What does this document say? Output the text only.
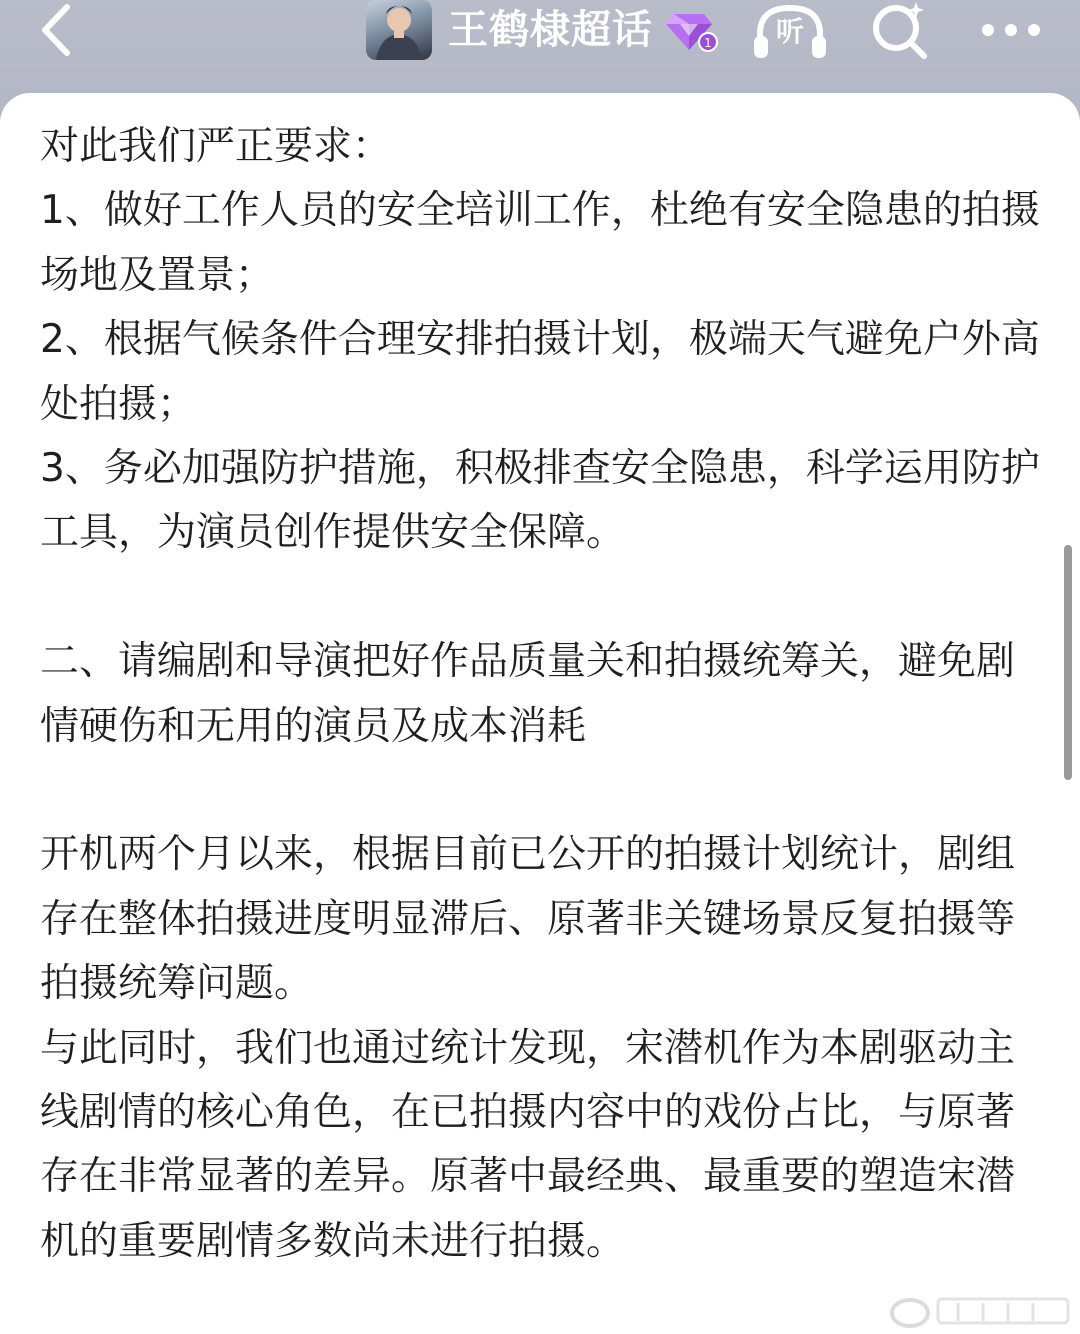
王鹤棣超话	1 听

对此我们严正要求：

1、做好工作人员的安全培训工作，杜绝有安全隐患的拍摄场地及置景；

2、根据气候条件合理安排拍摄计划，极端天气避免户外高处拍摄；

3、务必加强防护措施，积极排查安全隐患，科学运用防护工具，为演员创作提供安全保障。

二、请编剧和导演把好作品质量关和拍摄统筹关，避免剧情硬伤和无用的演员及成本消耗

开机两个月以来，根据目前已公开的拍摄计划统计，剧组存在整体拍摄进度明显滞后、原著非关键场景反复拍摄等拍摄统筹问题。

与此同时，我们也通过统计发现，宋潜机作为本剧驱动主线剧情的核心角色，在已拍摄内容中的戏份占比，与原著存在非常显著的差异。原著中最经典、最重要的塑造宋潜机的重要剧情多数尚未进行拍摄。
